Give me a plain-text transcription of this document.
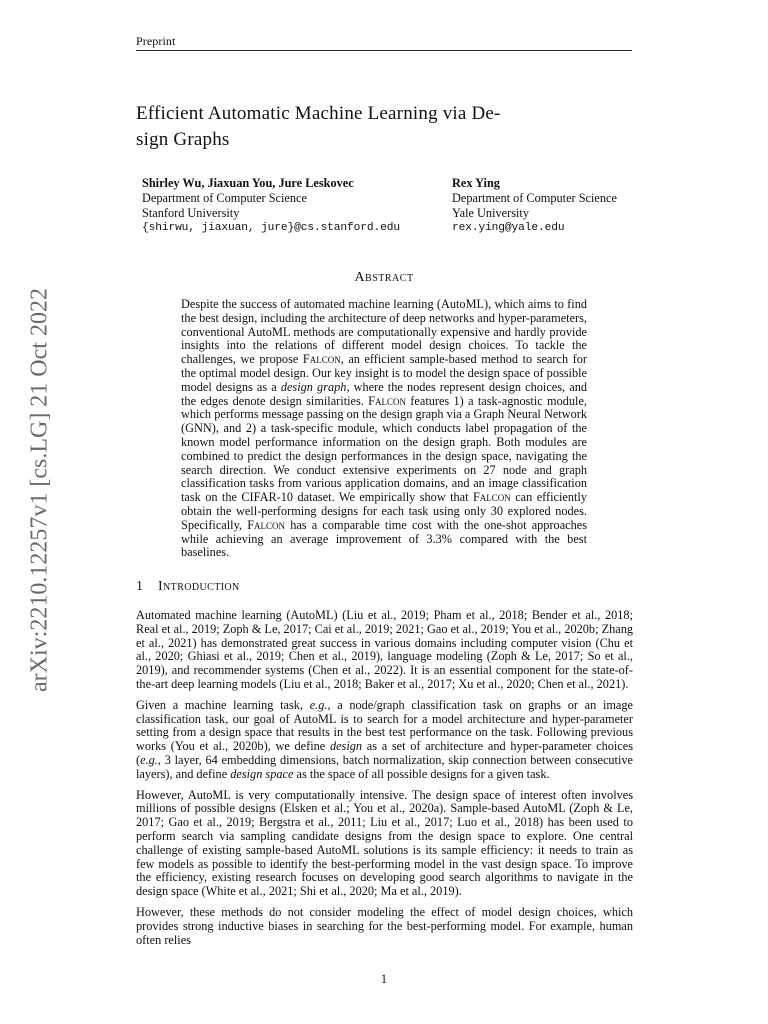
Preprint
arXiv:2210.12257v1 [cs.LG] 21 Oct 2022
Efficient Automatic Machine Learning via De-
sign Graphs
Shirley Wu, Jiaxuan You, Jure Leskovec
Department of Computer Science
Stanford University
{shirwu, jiaxuan, jure}@cs.stanford.edu
Rex Ying
Department of Computer Science
Yale University
rex.ying@yale.edu
Abstract
Despite the success of automated machine learning (AutoML), which aims to find the best design, including the architecture of deep networks and hyper-parameters, conventional AutoML methods are computationally expensive and hardly provide insights into the relations of different model design choices. To tackle the challenges, we propose Falcon, an efficient sample-based method to search for the optimal model design. Our key insight is to model the design space of possible model designs as a design graph, where the nodes represent design choices, and the edges denote design similarities. Falcon features 1) a task-agnostic module, which performs message passing on the design graph via a Graph Neural Network (GNN), and 2) a task-specific module, which conducts label propagation of the known model performance information on the design graph. Both modules are combined to predict the design performances in the design space, navigating the search direction. We conduct extensive experiments on 27 node and graph classification tasks from various application domains, and an image classification task on the CIFAR-10 dataset. We empirically show that Falcon can efficiently obtain the well-performing designs for each task using only 30 explored nodes. Specifically, Falcon has a comparable time cost with the one-shot approaches while achieving an average improvement of 3.3% compared with the best baselines.
1 Introduction

Automated machine learning (AutoML) (Liu et al., 2019; Pham et al., 2018; Bender et al., 2018; Real et al., 2019; Zoph & Le, 2017; Cai et al., 2019; 2021; Gao et al., 2019; You et al., 2020b; Zhang et al., 2021) has demonstrated great success in various domains including computer vision (Chu et al., 2020; Ghiasi et al., 2019; Chen et al., 2019), language modeling (Zoph & Le, 2017; So et al., 2019), and recommender systems (Chen et al., 2022). It is an essential component for the state-of-the-art deep learning models (Liu et al., 2018; Baker et al., 2017; Xu et al., 2020; Chen et al., 2021).

Given a machine learning task, e.g., a node/graph classification task on graphs or an image classification task, our goal of AutoML is to search for a model architecture and hyper-parameter setting from a design space that results in the best test performance on the task. Following previous works (You et al., 2020b), we define design as a set of architecture and hyper-parameter choices (e.g., 3 layer, 64 embedding dimensions, batch normalization, skip connection between consecutive layers), and define design space as the space of all possible designs for a given task.

However, AutoML is very computationally intensive. The design space of interest often involves millions of possible designs (Elsken et al.; You et al., 2020a). Sample-based AutoML (Zoph & Le, 2017; Gao et al., 2019; Bergstra et al., 2011; Liu et al., 2017; Luo et al., 2018) has been used to perform search via sampling candidate designs from the design space to explore. One central challenge of existing sample-based AutoML solutions is its sample efficiency: it needs to train as few models as possible to identify the best-performing model in the vast design space. To improve the efficiency, existing research focuses on developing good search algorithms to navigate in the design space (White et al., 2021; Shi et al., 2020; Ma et al., 2019).

However, these methods do not consider modeling the effect of model design choices, which provides strong inductive biases in searching for the best-performing model. For example, human often relies

1
